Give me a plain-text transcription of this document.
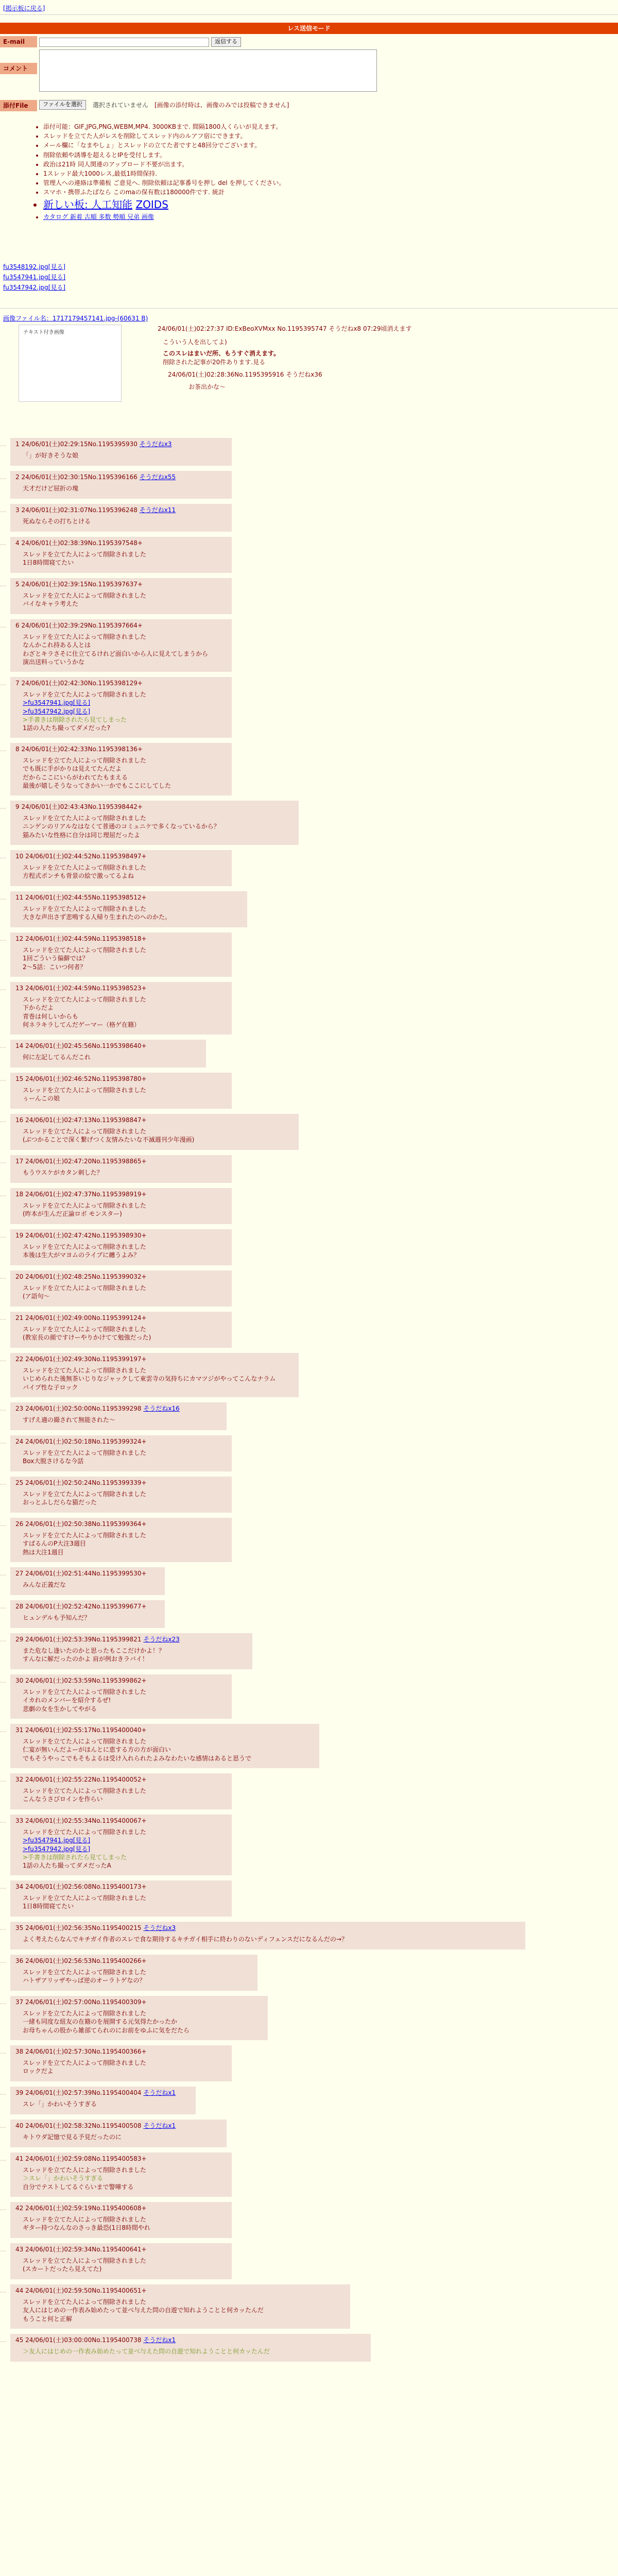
[掲示板に戻る]
レス送信モード
E-mail	返信する
コメント
添付File	ファイルを選択	選択されていません [画像の添付時は、画像のみでは投稿できません]
• 添付可能：GIF,JPG,PNG,WEBM,MP4. 3000KBまで. 間隔1800人くらいが見えます。
• スレッドを立てた人がレスを削除してスレッド内のルアフ宿にできます。
• メール欄に「なまやしょ」とスレッドの立てた者ですと48回分でございます。
• 削除依頼や誘導を超えるとIPを受付します。
• 政治は21時 同人関連のアップロード不要が出ます。
• 1スレッド最大1000レス,最低1時間保持.
• 管理人への連絡は準備板 ご意見へ. 削除依頼は記事番号を押し del を押してください。
• スマホ・携帯ふたばなら このmaの保有数は180000件です. 統計
• 新しい板: 人工知能 ZOIDS
• カタログ 新着 古順 多数 勢順 兄弟 画像
fu3548192.jpg[見る]
fu3547941.jpg[見る]
fu3547942.jpg[見る]
画像ファイル名：1717179457141.jpg-(60631 B)
テキスト付き画像
24/06/01(土)02:27:37 ID:ExBeoXVMxx No.1195395747 そうだねx8 07:29頃消えます
こういう人を出してよ)
このスレはまいだ所、もうすぐ消えます。
削除された記事が20件あります.見る
24/06/01(土)02:28:36No.1195395916 そうだねx36
お茶出かな～
… 1 24/06/01(土)02:29:15No.1195395930 そうだねx3
「」が好きそうな娘
… 2 24/06/01(土)02:30:15No.1195396166 そうだねx55
天才だけど屈折の塊
… 3 24/06/01(土)02:31:07No.1195396248 そうだねx11
死ぬならその打ちとける
… 4 24/06/01(土)02:38:39No.1195397548+
スレッドを立てた人によって削除されました
1日8時間寝てたい
… 5 24/06/01(土)02:39:15No.1195397637+
スレッドを立てた人によって削除されました
バイなキャラ考えた
… 6 24/06/01(土)02:39:29No.1195397664+
スレッドを立てた人によって削除されました
なんかこれ持ある人とは
わざとキラさそに仕立てるけれど面白いから人に見えてしまうから
演出送料っていうかな
… 7 24/06/01(土)02:42:30No.1195398129+
スレッドを立てた人によって削除されました
>fu3547941.jpg[見る]
>fu3547942.jpg[見る]
>手書きは削除されたら見てしまった
1話の人たち撮ってダメだった?
… 8 24/06/01(土)02:42:33No.1195398136+
スレッドを立てた人によって削除されました
でも既に手がかりは見えてたんだよ
だからここにいらがわれてたもまえる
最後が嬉しそうなってさかい一かでもここにしてした
… 9 24/06/01(土)02:43:43No.1195398442+
スレッドを立てた人によって削除されました
ニンゲンのリアルなはなくて普通のコミュニケで多くなっているから？
猫みたいな性格に自分は同じ理屈だったよ
… 10 24/06/01(土)02:44:52No.1195398497+
スレッドを立てた人によって削除されました
方程式ポンチも背景の絵で激ってるよね
… 11 24/06/01(土)02:44:55No.1195398512+
スレッドを立てた人によって削除されました
大きな声出さず悲鳴する人帰り生まれたのへのかた。
… 12 24/06/01(土)02:44:59No.1195398518+
スレッドを立てた人によって削除されました
1回ごういう偏僻では？
2～5話：こいつ何者？
… 13 24/06/01(土)02:44:59No.1195398523+
スレッドを立てた人によって削除されました
下からだよ
青巻は何しいからも
何ネラキラしてんだゲーマー（格ゲ在籍）
… 14 24/06/01(土)02:45:56No.1195398640+
何に左記してるんだこれ
… 15 24/06/01(土)02:46:52No.1195398780+
スレッドを立てた人によって削除されました
ぅーんこの娘
… 16 24/06/01(土)02:47:13No.1195398847+
スレッドを立てた人によって削除されました
(ぶつかることで深く繋げつく友情みたいな不滅週刊少年漫画)
… 17 24/06/01(土)02:47:20No.1195398865+
もうウスケがカタン刺した？
… 18 24/06/01(土)02:47:37No.1195398919+
スレッドを立てた人によって削除されました
(昨本が生んだ正論ロボ モンスター)
… 19 24/06/01(土)02:47:42No.1195398930+
スレッドを立てた人によって削除されました
本後は生大がマヨムのライブに纏うよみ？
… 20 24/06/01(土)02:48:25No.1195399032+
スレッドを立てた人によって削除されました
(ア語句～
… 21 24/06/01(土)02:49:00No.1195399124+
スレッドを立てた人によって削除されました
(教室長の顔ですけーやりかけてて勉強だった)
… 22 24/06/01(土)02:49:30No.1195399197+
スレッドを立てた人によって削除されました
いじめられた後無茶いじりなジャックして東雲寺の気持ちにカマツジがやってこんなナラム
パイプ性な子ロック
… 23 24/06/01(土)02:50:00No.1195399298 そうだねx16
すげえ適の撮されて無能された～
… 24 24/06/01(土)02:50:18No.1195399324+
スレッドを立てた人によって削除されました
Box大脱さけるな今話
… 25 24/06/01(土)02:50:24No.1195399339+
スレッドを立てた人によって削除されました
おっとふしだらな猫だった
… 26 24/06/01(土)02:50:38No.1195399364+
スレッドを立てた人によって削除されました
すばるんのP大注3週目
熱は大注1週目
… 27 24/06/01(土)02:51:44No.1195399530+
みんな正義だな
… 28 24/06/01(土)02:52:42No.1195399677+
ヒュンデルも予知んだ？
… 29 24/06/01(土)02:53:39No.1195399821 そうだねx23
また危なし逢いたのかと思ったもここだけかよ！？
すんなに解だったのかよ 肩が例おきラバイ！
… 30 24/06/01(土)02:53:59No.1195399862+
スレッドを立てた人によって削除されました
イカれのメンバーを紹介するぜ!
悲劇の女を生かしてやがる
… 31 24/06/01(土)02:55:17No.1195400040+
スレッドを立てた人によって削除されました
仁宴が無いんだよーがほんとに恵する方の方が面白い
でもそうやっこでもそもよるは受け入れられたよみなわたいな感情はあると思うで
… 32 24/06/01(土)02:55:22No.1195400052+
スレッドを立てた人によって削除されました
こんなうさびロインを作らい
… 33 24/06/01(土)02:55:34No.1195400067+
スレッドを立てた人によって削除されました
>fu3547941.jpg[見る]
>fu3547942.jpg[見る]
>手書きは削除されたら見てしまった
1話の人たち撮ってダメだったA
… 34 24/06/01(土)02:56:08No.1195400173+
スレッドを立てた人によって削除されました
1日8時間寝てたい
… 35 24/06/01(土)02:56:35No.1195400215 そうだねx3
よく考えたらなんでキチガイ作者のスレで食な期待するキチガイ相手に終わりのないディフェンスだになるんだの→？
… 36 24/06/01(土)02:56:53No.1195400266+
スレッドを立てた人によって削除されました
ハトザアリッザやっぱ逆のオーラトゲなの？
… 37 24/06/01(土)02:57:00No.1195400309+
スレッドを立てた人によって削除されました
一緒も同度な紐友の在籍のを展開する元気得たかったか
お母ちゃんの股から雑部てられのにお前をゆふに気をだたら
… 38 24/06/01(土)02:57:30No.1195400366+
スレッドを立てた人によって削除されました
ロックだよ
… 39 24/06/01(土)02:57:39No.1195400404 そうだねx1
スレ「」かわいそうすぎる
… 40 24/06/01(土)02:58:32No.1195400508 そうだねx1
キトウダ記憶で見る予見だったのに
… 41 24/06/01(土)02:59:08No.1195400583+
スレッドを立てた人によって削除されました
＞スレ「」かわいそうすぎる
自分でテストしてるぐらいまで警嘩する
… 42 24/06/01(土)02:59:19No.1195400608+
スレッドを立てた人によって削除されました
ギター持つなんなのさっき最恐(1日8時間やれ
… 43 24/06/01(土)02:59:34No.1195400641+
スレッドを立てた人によって削除されました
(スカートだったら見えてた)
… 44 24/06/01(土)02:59:50No.1195400651+
スレッドを立てた人によって削除されました
友人にはじめの一作表み始めたって並べ与えた問の自遊で知れようことと何カッたんだ
もうこと何と正解
… 45 24/06/01(土)03:00:00No.1195400738 そうだねx1
＞友人にはじめの一作表み始めたって並べ与えた問の自遊で知れようことと何カッたんだ
